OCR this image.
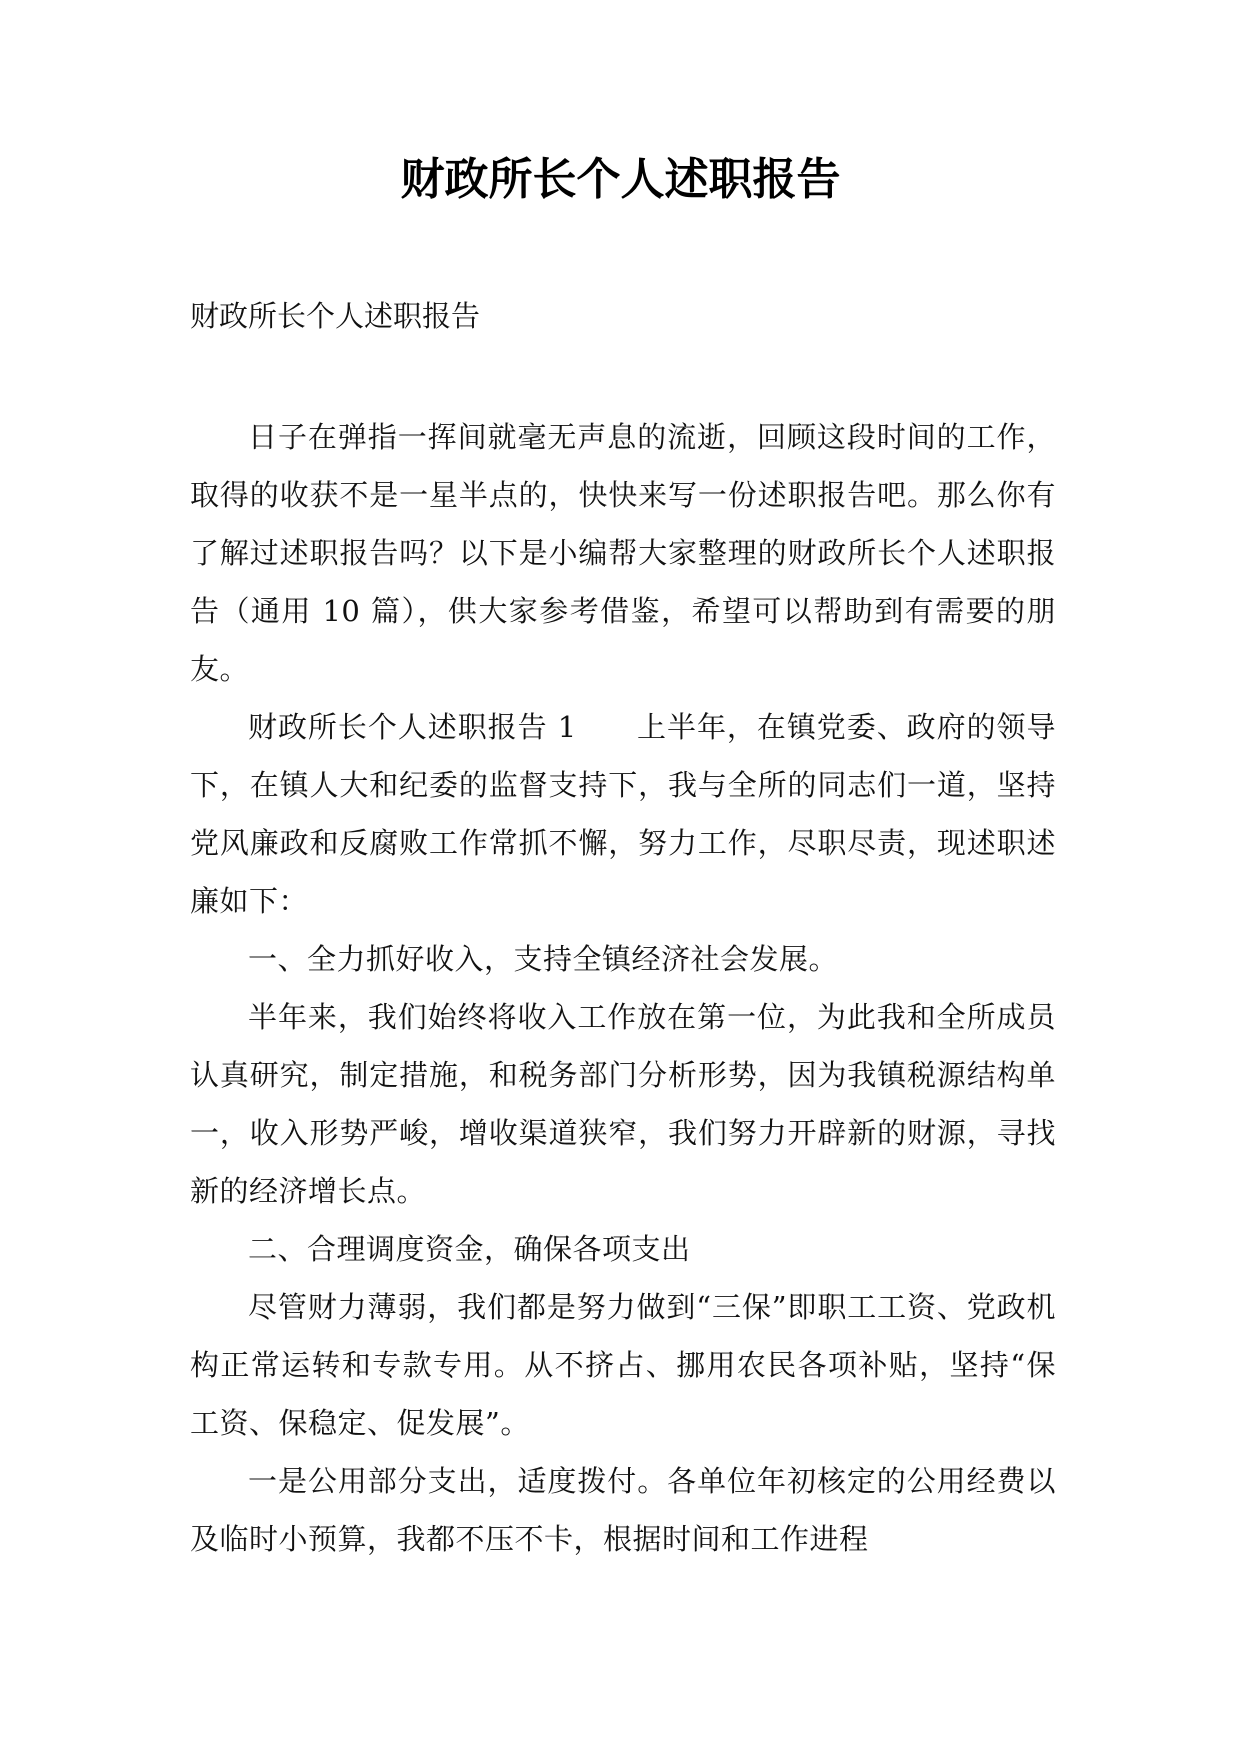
财政所长个人述职报告
财政所长个人述职报告

日子在弹指一挥间就毫无声息的流逝，回顾这段时间的工作，取得的收获不是一星半点的，快快来写一份述职报告吧。那么你有了解过述职报告吗？以下是小编帮大家整理的财政所长个人述职报告（通用 10 篇），供大家参考借鉴，希望可以帮助到有需要的朋友。

财政所长个人述职报告 1　　上半年，在镇党委、政府的领导下，在镇人大和纪委的监督支持下，我与全所的同志们一道，坚持党风廉政和反腐败工作常抓不懈，努力工作，尽职尽责，现述职述廉如下：

一、全力抓好收入，支持全镇经济社会发展。

半年来，我们始终将收入工作放在第一位，为此我和全所成员认真研究，制定措施，和税务部门分析形势，因为我镇税源结构单一，收入形势严峻，增收渠道狭窄，我们努力开辟新的财源，寻找新的经济增长点。

二、合理调度资金，确保各项支出

尽管财力薄弱，我们都是努力做到“三保”即职工工资、党政机构正常运转和专款专用。从不挤占、挪用农民各项补贴，坚持“保工资、保稳定、促发展”。

一是公用部分支出，适度拨付。各单位年初核定的公用经费以及临时小预算，我都不压不卡，根据时间和工作进程
